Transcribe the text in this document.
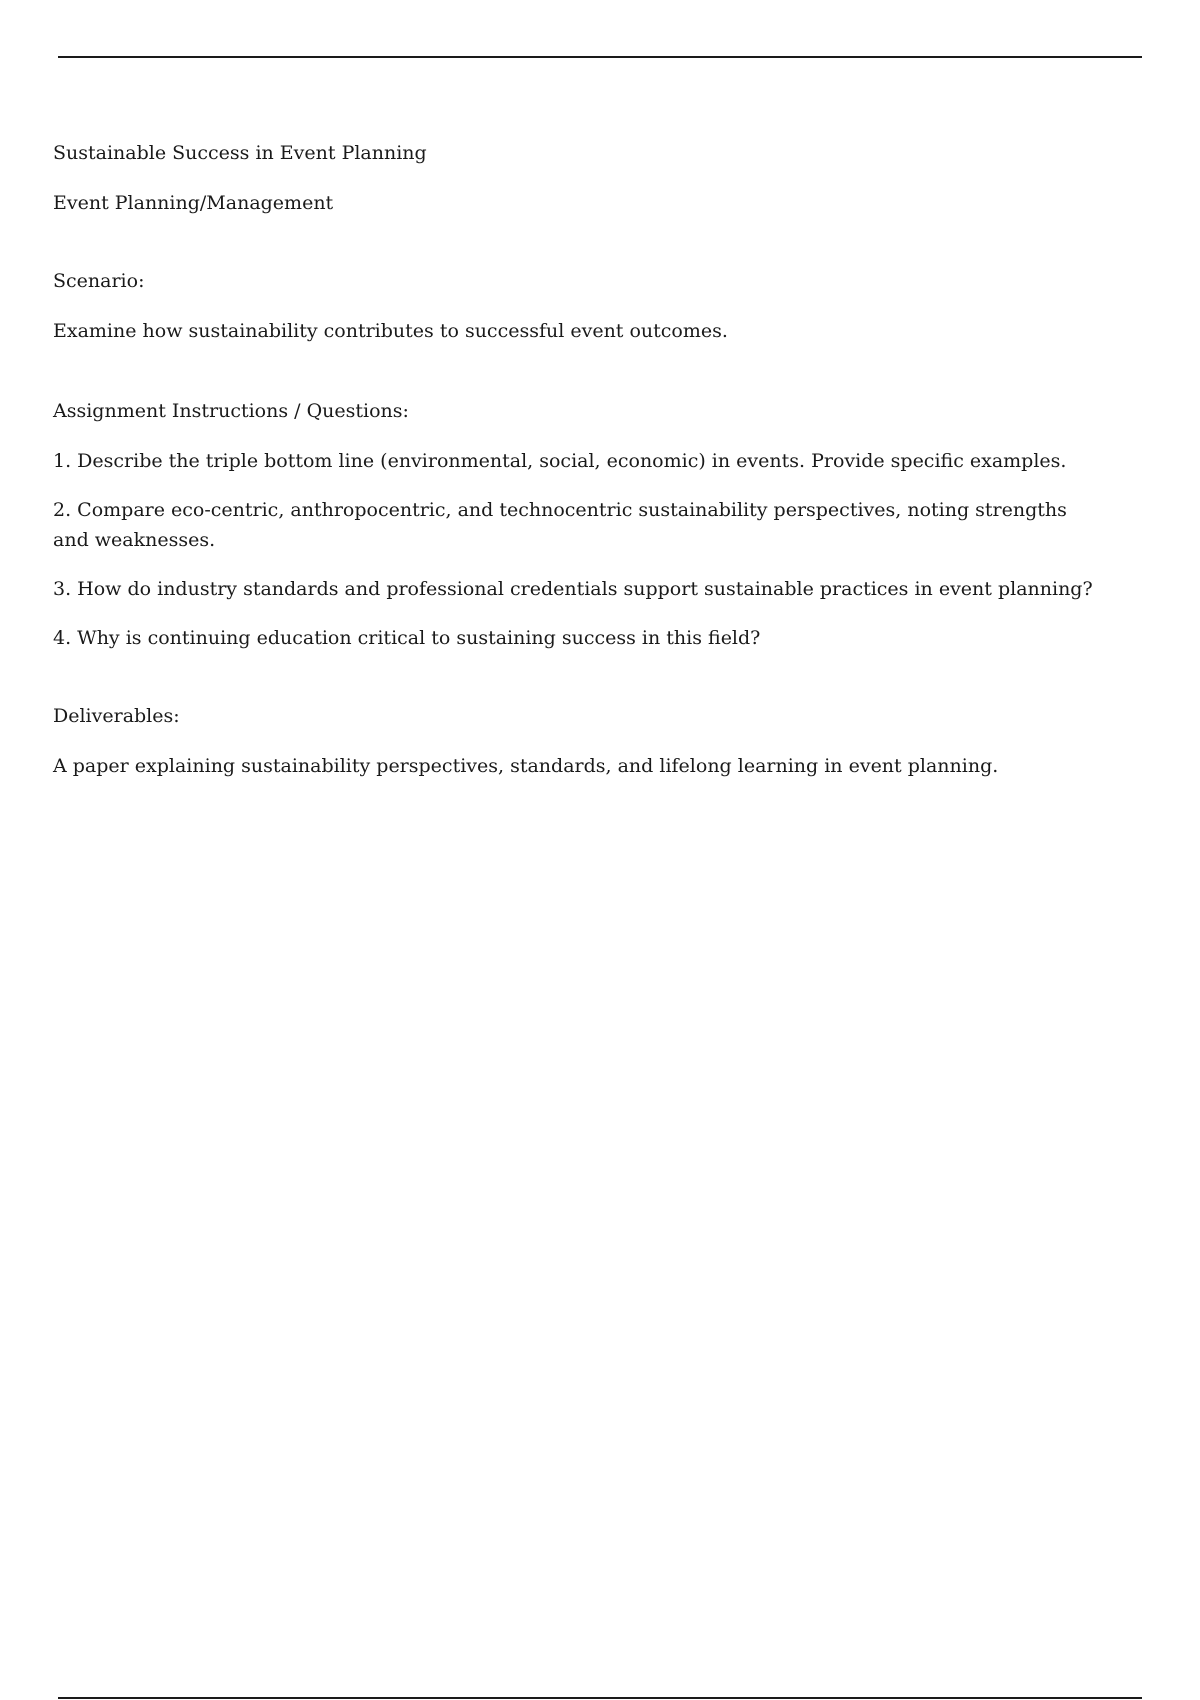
Sustainable Success in Event Planning

Event Planning/Management

Scenario:

Examine how sustainability contributes to successful event outcomes.

Assignment Instructions / Questions:

1. Describe the triple bottom line (environmental, social, economic) in events. Provide specific examples.

2. Compare eco-centric, anthropocentric, and technocentric sustainability perspectives, noting strengths and weaknesses.

3. How do industry standards and professional credentials support sustainable practices in event planning?

4. Why is continuing education critical to sustaining success in this field?

Deliverables:

A paper explaining sustainability perspectives, standards, and lifelong learning in event planning.
